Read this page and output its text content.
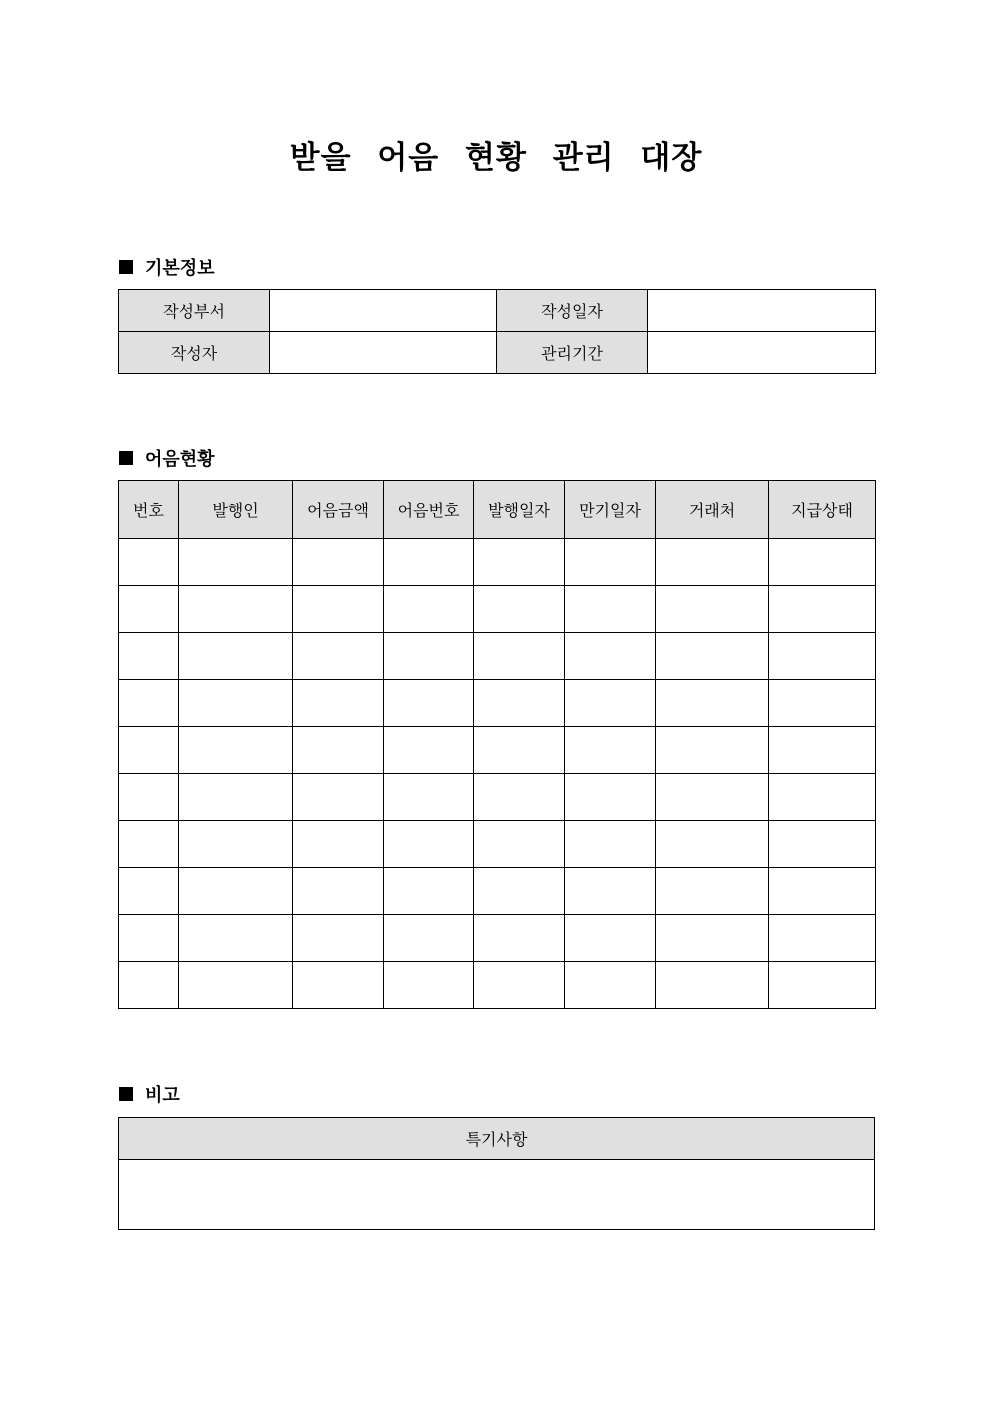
받을 어음 현황 관리 대장
기본정보
작성부서		작성일자	
작성자		관리기간	
어음현황
번호	발행인	어음금액	어음번호	발행일자	만기일자	거래처	지급상태

비고
특기사항
